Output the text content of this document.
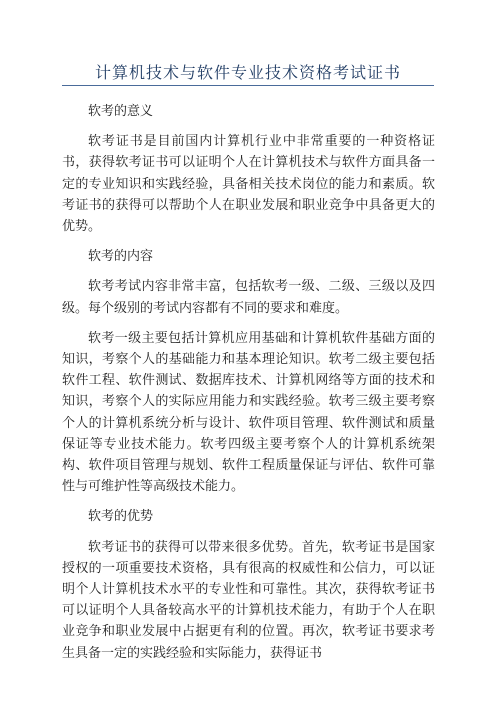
计算机技术与软件专业技术资格考试证书

软考的意义

软考证书是目前国内计算机行业中非常重要的一种资格证书，获得软考证书可以证明个人在计算机技术与软件方面具备一定的专业知识和实践经验，具备相关技术岗位的能力和素质。软考证书的获得可以帮助个人在职业发展和职业竞争中具备更大的优势。

软考的内容

软考考试内容非常丰富，包括软考一级、二级、三级以及四级。每个级别的考试内容都有不同的要求和难度。

软考一级主要包括计算机应用基础和计算机软件基础方面的知识，考察个人的基础能力和基本理论知识。软考二级主要包括软件工程、软件测试、数据库技术、计算机网络等方面的技术和知识，考察个人的实际应用能力和实践经验。软考三级主要考察个人的计算机系统分析与设计、软件项目管理、软件测试和质量保证等专业技术能力。软考四级主要考察个人的计算机系统架构、软件项目管理与规划、软件工程质量保证与评估、软件可靠性与可维护性等高级技术能力。

软考的优势

软考证书的获得可以带来很多优势。首先，软考证书是国家授权的一项重要技术资格，具有很高的权威性和公信力，可以证明个人计算机技术水平的专业性和可靠性。其次，获得软考证书可以证明个人具备较高水平的计算机技术能力，有助于个人在职业竞争和职业发展中占据更有利的位置。再次，软考证书要求考生具备一定的实践经验和实际能力，获得证书
